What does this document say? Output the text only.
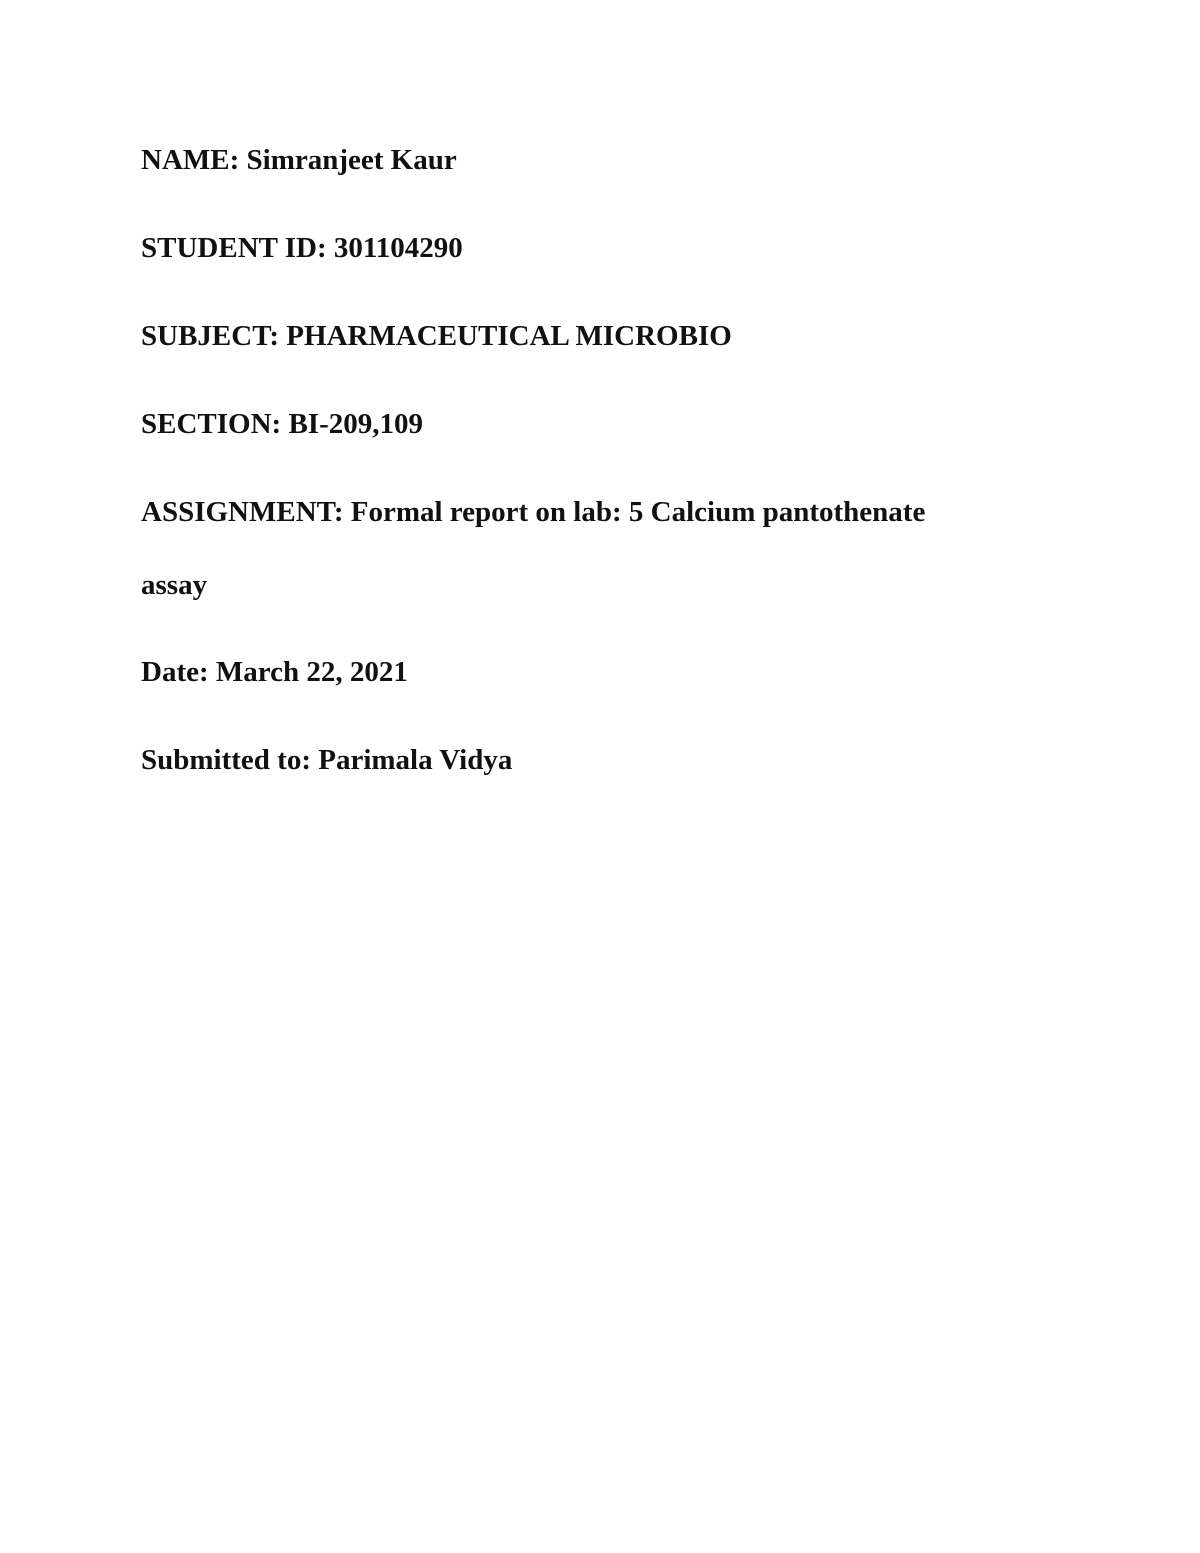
NAME: Simranjeet Kaur
STUDENT ID: 301104290
SUBJECT: PHARMACEUTICAL MICROBIO
SECTION: BI-209,109
ASSIGNMENT: Formal report on lab: 5 Calcium pantothenate
assay
Date: March 22, 2021
Submitted to: Parimala Vidya
